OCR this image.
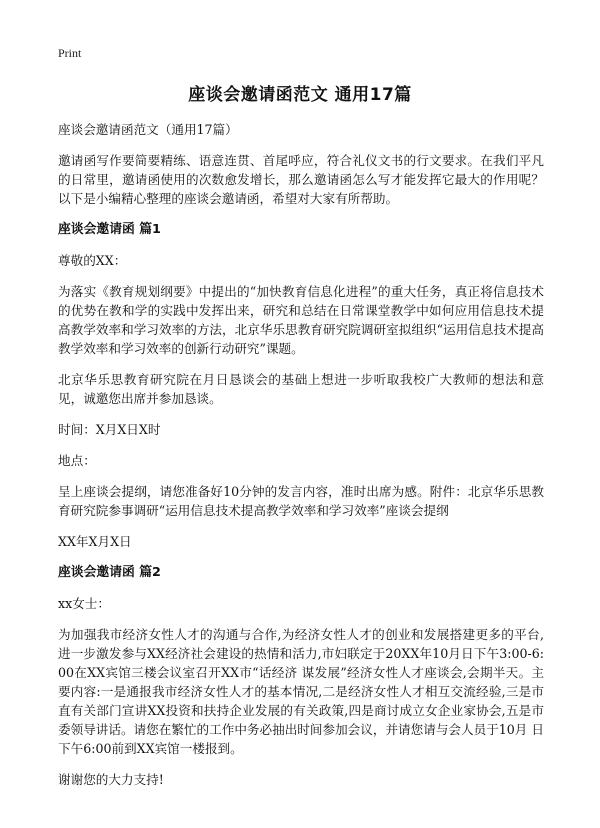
Print
座谈会邀请函范文 通用17篇

座谈会邀请函范文（通用17篇）

邀请函写作要简要精练、语意连贯、首尾呼应，符合礼仪文书的行文要求。在我们平凡的日常里，邀请函使用的次数愈发增长，那么邀请函怎么写才能发挥它最大的作用呢？以下是小编精心整理的座谈会邀请函，希望对大家有所帮助。

座谈会邀请函 篇1

尊敬的XX：

为落实《教育规划纲要》中提出的“加快教育信息化进程”的重大任务，真正将信息技术的优势在教和学的实践中发挥出来，研究和总结在日常课堂教学中如何应用信息技术提高教学效率和学习效率的方法，北京华乐思教育研究院调研室拟组织“运用信息技术提高教学效率和学习效率的创新行动研究”课题。

北京华乐思教育研究院在月日恳谈会的基础上想进一步听取我校广大教师的想法和意见，诚邀您出席并参加恳谈。

时间：X月X日X时

地点：

呈上座谈会提纲，请您准备好10分钟的发言内容，准时出席为感。附件：北京华乐思教育研究院参事调研“运用信息技术提高教学效率和学习效率”座谈会提纲

XX年X月X日

座谈会邀请函 篇2

xx女士：

为加强我市经济女性人才的沟通与合作,为经济女性人才的创业和发展搭建更多的平台,进一步激发参与XX经济社会建设的热情和活力,市妇联定于20XX年10月日下午3:00-6:00在XX宾馆三楼会议室召开XX市“话经济 谋发展”经济女性人才座谈会,会期半天。主要内容:一是通报我市经济女性人才的基本情况,二是经济女性人才相互交流经验,三是市直有关部门宣讲XX投资和扶持企业发展的有关政策,四是商讨成立女企业家协会,五是市委领导讲话。请您在繁忙的工作中务必抽出时间参加会议，并请您请与会人员于10月 日下午6:00前到XX宾馆一楼报到。

谢谢您的大力支持!
